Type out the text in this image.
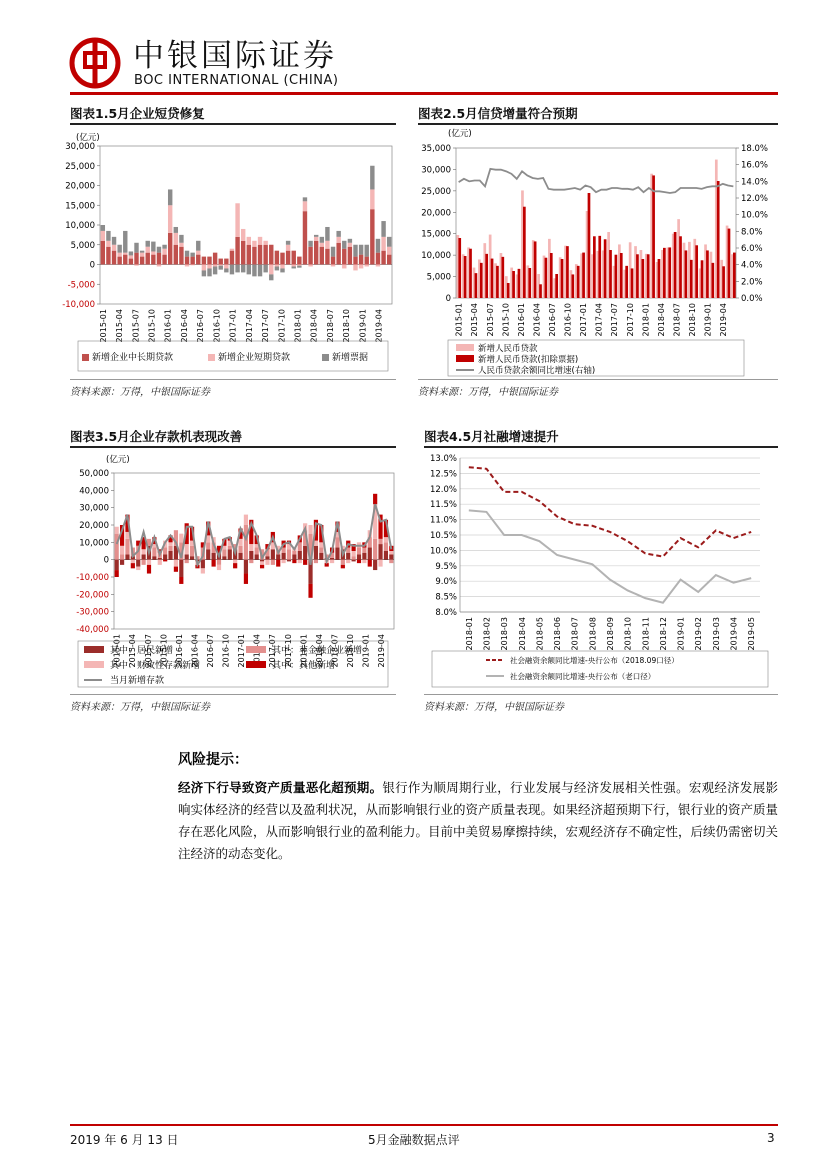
中银国际证券
BOC INTERNATIONAL (CHINA)
图表1.5月企业短贷修复
资料来源：万得，中银国际证券
图表2.5月信贷增量符合预期
资料来源：万得，中银国际证券
图表3.5月企业存款机表现改善
资料来源：万得，中银国际证券
图表4.5月社融增速提升
资料来源：万得，中银国际证券
(亿元)
30,000
25,000
20,000
15,000
10,000
5,000
0
-5,000
-10,000
2015-01 2015-04 2015-07 2015-10 2016-01 2016-04 2016-07 2016-10 2017-01 2017-04 2017-07 2017-10 2018-01 2018-04 2018-07 2018-10 2019-01 2019-04
新增企业中长期贷款	新增企业短期贷款	新增票据
(亿元)
35,000
30,000
25,000
20,000
15,000
10,000
5,000
0
18.0%
16.0%
14.0%
12.0%
10.0%
8.0%
6.0%
4.0%
2.0%
0.0%
2015-01 2015-04 2015-07 2015-10 2016-01 2016-04 2016-07 2016-10 2017-01 2017-04 2017-07 2017-10 2018-01 2018-04 2018-07 2018-10 2019-01 2019-04
新增人民币贷款
新增人民币贷款(扣除票据)
人民币贷款余额同比增速(右轴)
(亿元)
50,000
40,000
30,000
20,000
10,000
0
-10,000
-20,000
-30,000
-40,000
2015-01 2015-04 2015-07 2015-10 2016-01 2016-04 2016-07 2016-10 2017-01	2017-07 2017-10 2018-01 2018-04 2018-07 2018-10 2019-01 2019-04
其中：居民新增	其中：非金融企业新增
其中：财政性存款新增	其中：其他新增
当月新增存款
13.0%
12.5%
12.0%
11.5%
11.0%
10.5%
10.0%
9.5%
9.0%
8.5%
8.0%
2018-01 2018-02 2018-03 2018-04 2018-05 2018-06 2018-07 2018-08 2018-09 2018-10 2018-11 2018-12 2019-01 2019-02 2019-03 2019-04 2019-05
社会融资余额同比增速-央行公布（2018.09口径）
社会融资余额同比增速-央行公布（老口径）
风险提示：
经济下行导致资产质量恶化超预期。银行作为顺周期行业，行业发展与经济发展相关性强。宏观经济发展影响实体经济的经营以及盈利状况，从而影响银行业的资产质量表现。如果经济超预期下行，银行业的资产质量存在恶化风险，从而影响银行业的盈利能力。目前中美贸易摩擦持续，宏观经济存不确定性，后续仍需密切关注经济的动态变化。
2019 年 6 月 13 日	5月金融数据点评	3
